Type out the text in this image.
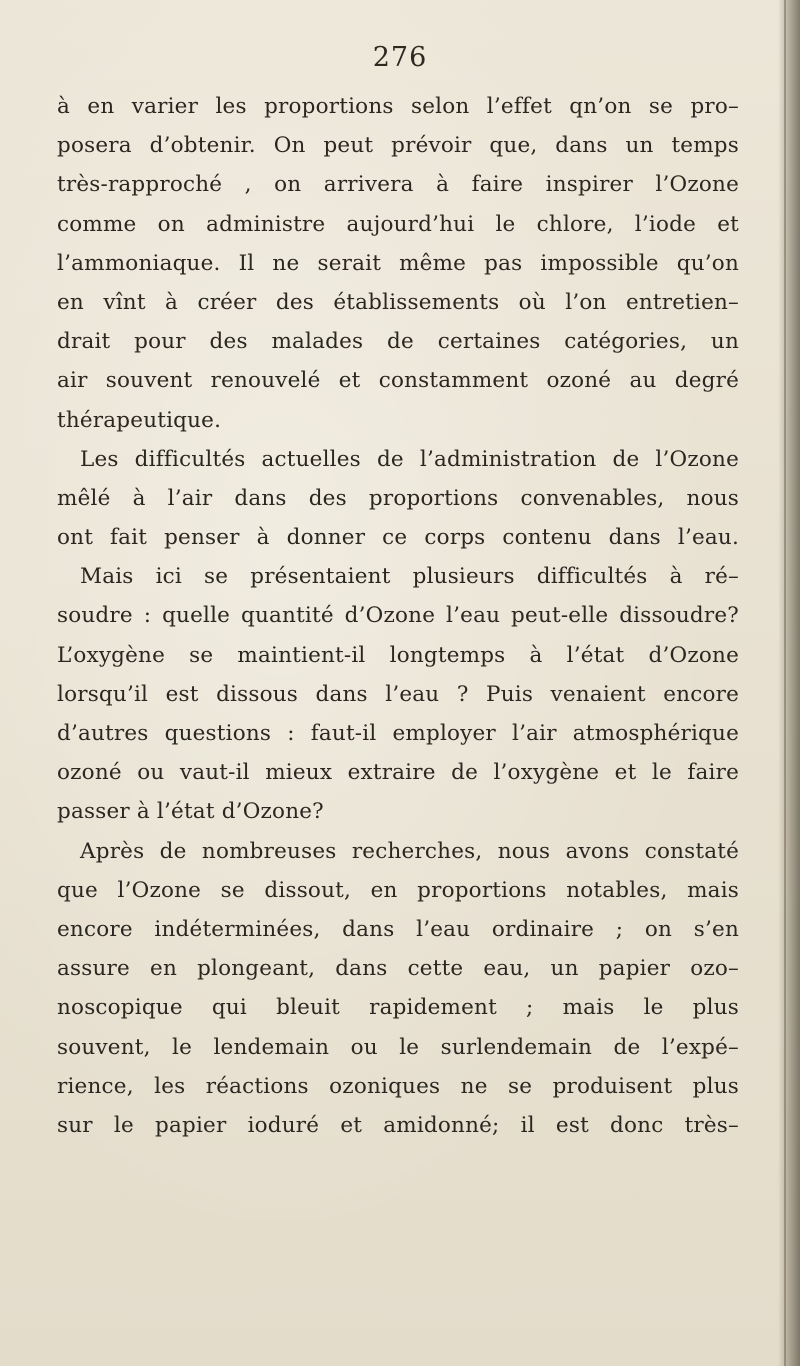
276
à en varier les proportions selon l’effet qn’on se pro–
posera d’obtenir. On peut prévoir que, dans un temps
très-rapproché , on arrivera à faire inspirer l’Ozone
comme on administre aujourd’hui le chlore, l’iode et
l’ammoniaque. Il ne serait même pas impossible qu’on
en vînt à créer des établissements où l’on entretien–
drait pour des malades de certaines catégories, un
air souvent renouvelé et constamment ozoné au degré
thérapeutique.
Les difficultés actuelles de l’administration de l’Ozone
mêlé à l’air dans des proportions convenables, nous
ont fait penser à donner ce corps contenu dans l’eau.
Mais ici se présentaient plusieurs difficultés à ré–
soudre : quelle quantité d’Ozone l’eau peut-elle dissoudre?
L’oxygène se maintient-il longtemps à l’état d’Ozone
lorsqu’il est dissous dans l’eau ? Puis venaient encore
d’autres questions : faut-il employer l’air atmosphérique
ozoné ou vaut-il mieux extraire de l’oxygène et le faire
passer à l’état d’Ozone?
Après de nombreuses recherches, nous avons constaté
que l’Ozone se dissout, en proportions notables, mais
encore indéterminées, dans l’eau ordinaire ; on s’en
assure en plongeant, dans cette eau, un papier ozo–
noscopique qui bleuit rapidement ; mais le plus
souvent, le lendemain ou le surlendemain de l’expé–
rience, les réactions ozoniques ne se produisent plus
sur le papier ioduré et amidonné; il est donc très–
